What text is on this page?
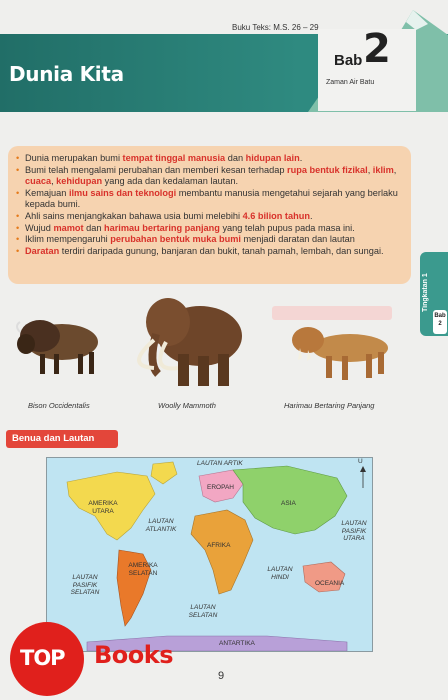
Buku Teks: M.S. 26 – 29
Dunia Kita
Bab 2
Zaman Air Batu
• Dunia merupakan bumi tempat tinggal manusia dan hidupan lain.
• Bumi telah mengalami perubahan dan memberi kesan terhadap rupa bentuk fizikal, iklim, cuaca, kehidupan yang ada dan kedalaman lautan.
• Kemajuan ilmu sains dan teknologi membantu manusia mengetahui sejarah yang berlaku kepada bumi.
• Ahli sains menjangkakan bahawa usia bumi melebihi 4.6 bilion tahun.
• Wujud mamot dan harimau bertaring panjang yang telah pupus pada masa ini.
• Iklim mempengaruhi perubahan bentuk muka bumi menjadi daratan dan lautan
• Daratan terdiri daripada gunung, banjaran dan bukit, tanah pamah, lembah, dan sungai.
Tingkatan 1
Bab
2
Bison Occidentalis	Woolly Mammoth	Harimau Bertaring Panjang
Benua dan Lautan
U
LAUTAN ARTIK
AMERIKA UTARA
EROPAH
ASIA
LAUTAN ATLANTIK
LAUTAN PASIFIK UTARA
AFRIKA
AMERIKA SELATAN
LAUTAN PASIFIK SELATAN
LAUTAN HINDI
OCEANIA
LAUTAN SELATAN
ANTARTIKA
9
TOP Books
